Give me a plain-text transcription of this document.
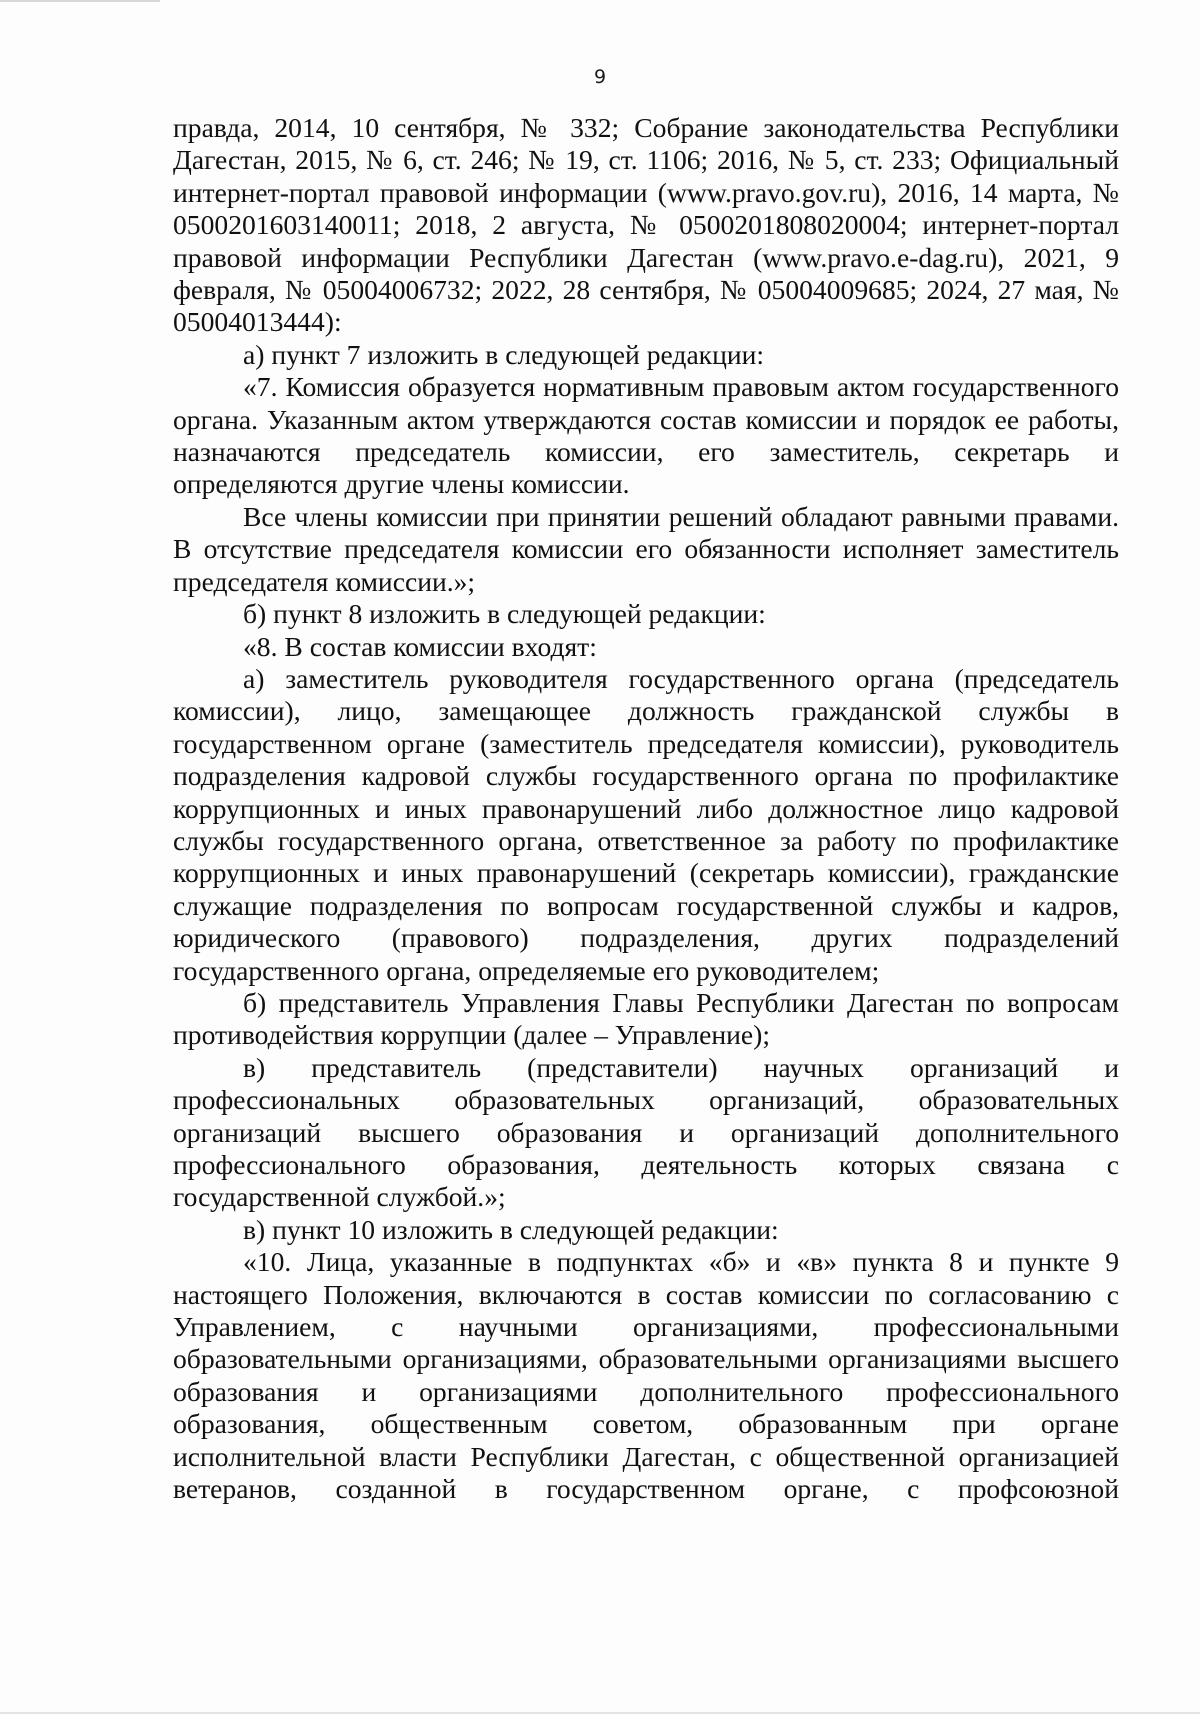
9

правда, 2014, 10 сентября, № 332; Собрание законодательства Республики Дагестан, 2015, № 6, ст. 246; № 19, ст. 1106; 2016, № 5, ст. 233; Официальный интернет-портал правовой информации (www.pravo.gov.ru), 2016, 14 марта, № 0500201603140011; 2018, 2 августа, № 0500201808020004; интернет-портал правовой информации Республики Дагестан (www.pravo.e-dag.ru), 2021, 9 февраля, № 05004006732; 2022, 28 сентября, № 05004009685; 2024, 27 мая, № 05004013444):

а) пункт 7 изложить в следующей редакции:

«7. Комиссия образуется нормативным правовым актом государственного органа. Указанным актом утверждаются состав комиссии и порядок ее работы, назначаются председатель комиссии, его заместитель, секретарь и определяются другие члены комиссии.

Все члены комиссии при принятии решений обладают равными правами. В отсутствие председателя комиссии его обязанности исполняет заместитель председателя комиссии.»;

б) пункт 8 изложить в следующей редакции:

«8. В состав комиссии входят:

а) заместитель руководителя государственного органа (председатель комиссии), лицо, замещающее должность гражданской службы в государственном органе (заместитель председателя комиссии), руководитель подразделения кадровой службы государственного органа по профилактике коррупционных и иных правонарушений либо должностное лицо кадровой службы государственного органа, ответственное за работу по профилактике коррупционных и иных правонарушений (секретарь комиссии), гражданские служащие подразделения по вопросам государственной службы и кадров, юридического (правового) подразделения, других подразделений государственного органа, определяемые его руководителем;

б) представитель Управления Главы Республики Дагестан по вопросам противодействия коррупции (далее – Управление);

в) представитель (представители) научных организаций и профессиональных образовательных организаций, образовательных организаций высшего образования и организаций дополнительного профессионального образования, деятельность которых связана с государственной службой.»;

в) пункт 10 изложить в следующей редакции:

«10. Лица, указанные в подпунктах «б» и «в» пункта 8 и пункте 9 настоящего Положения, включаются в состав комиссии по согласованию с Управлением, с научными организациями, профессиональными образовательными организациями, образовательными организациями высшего образования и организациями дополнительного профессионального образования, общественным советом, образованным при органе исполнительной власти Республики Дагестан, с общественной организацией ветеранов, созданной в государственном органе, с профсоюзной
